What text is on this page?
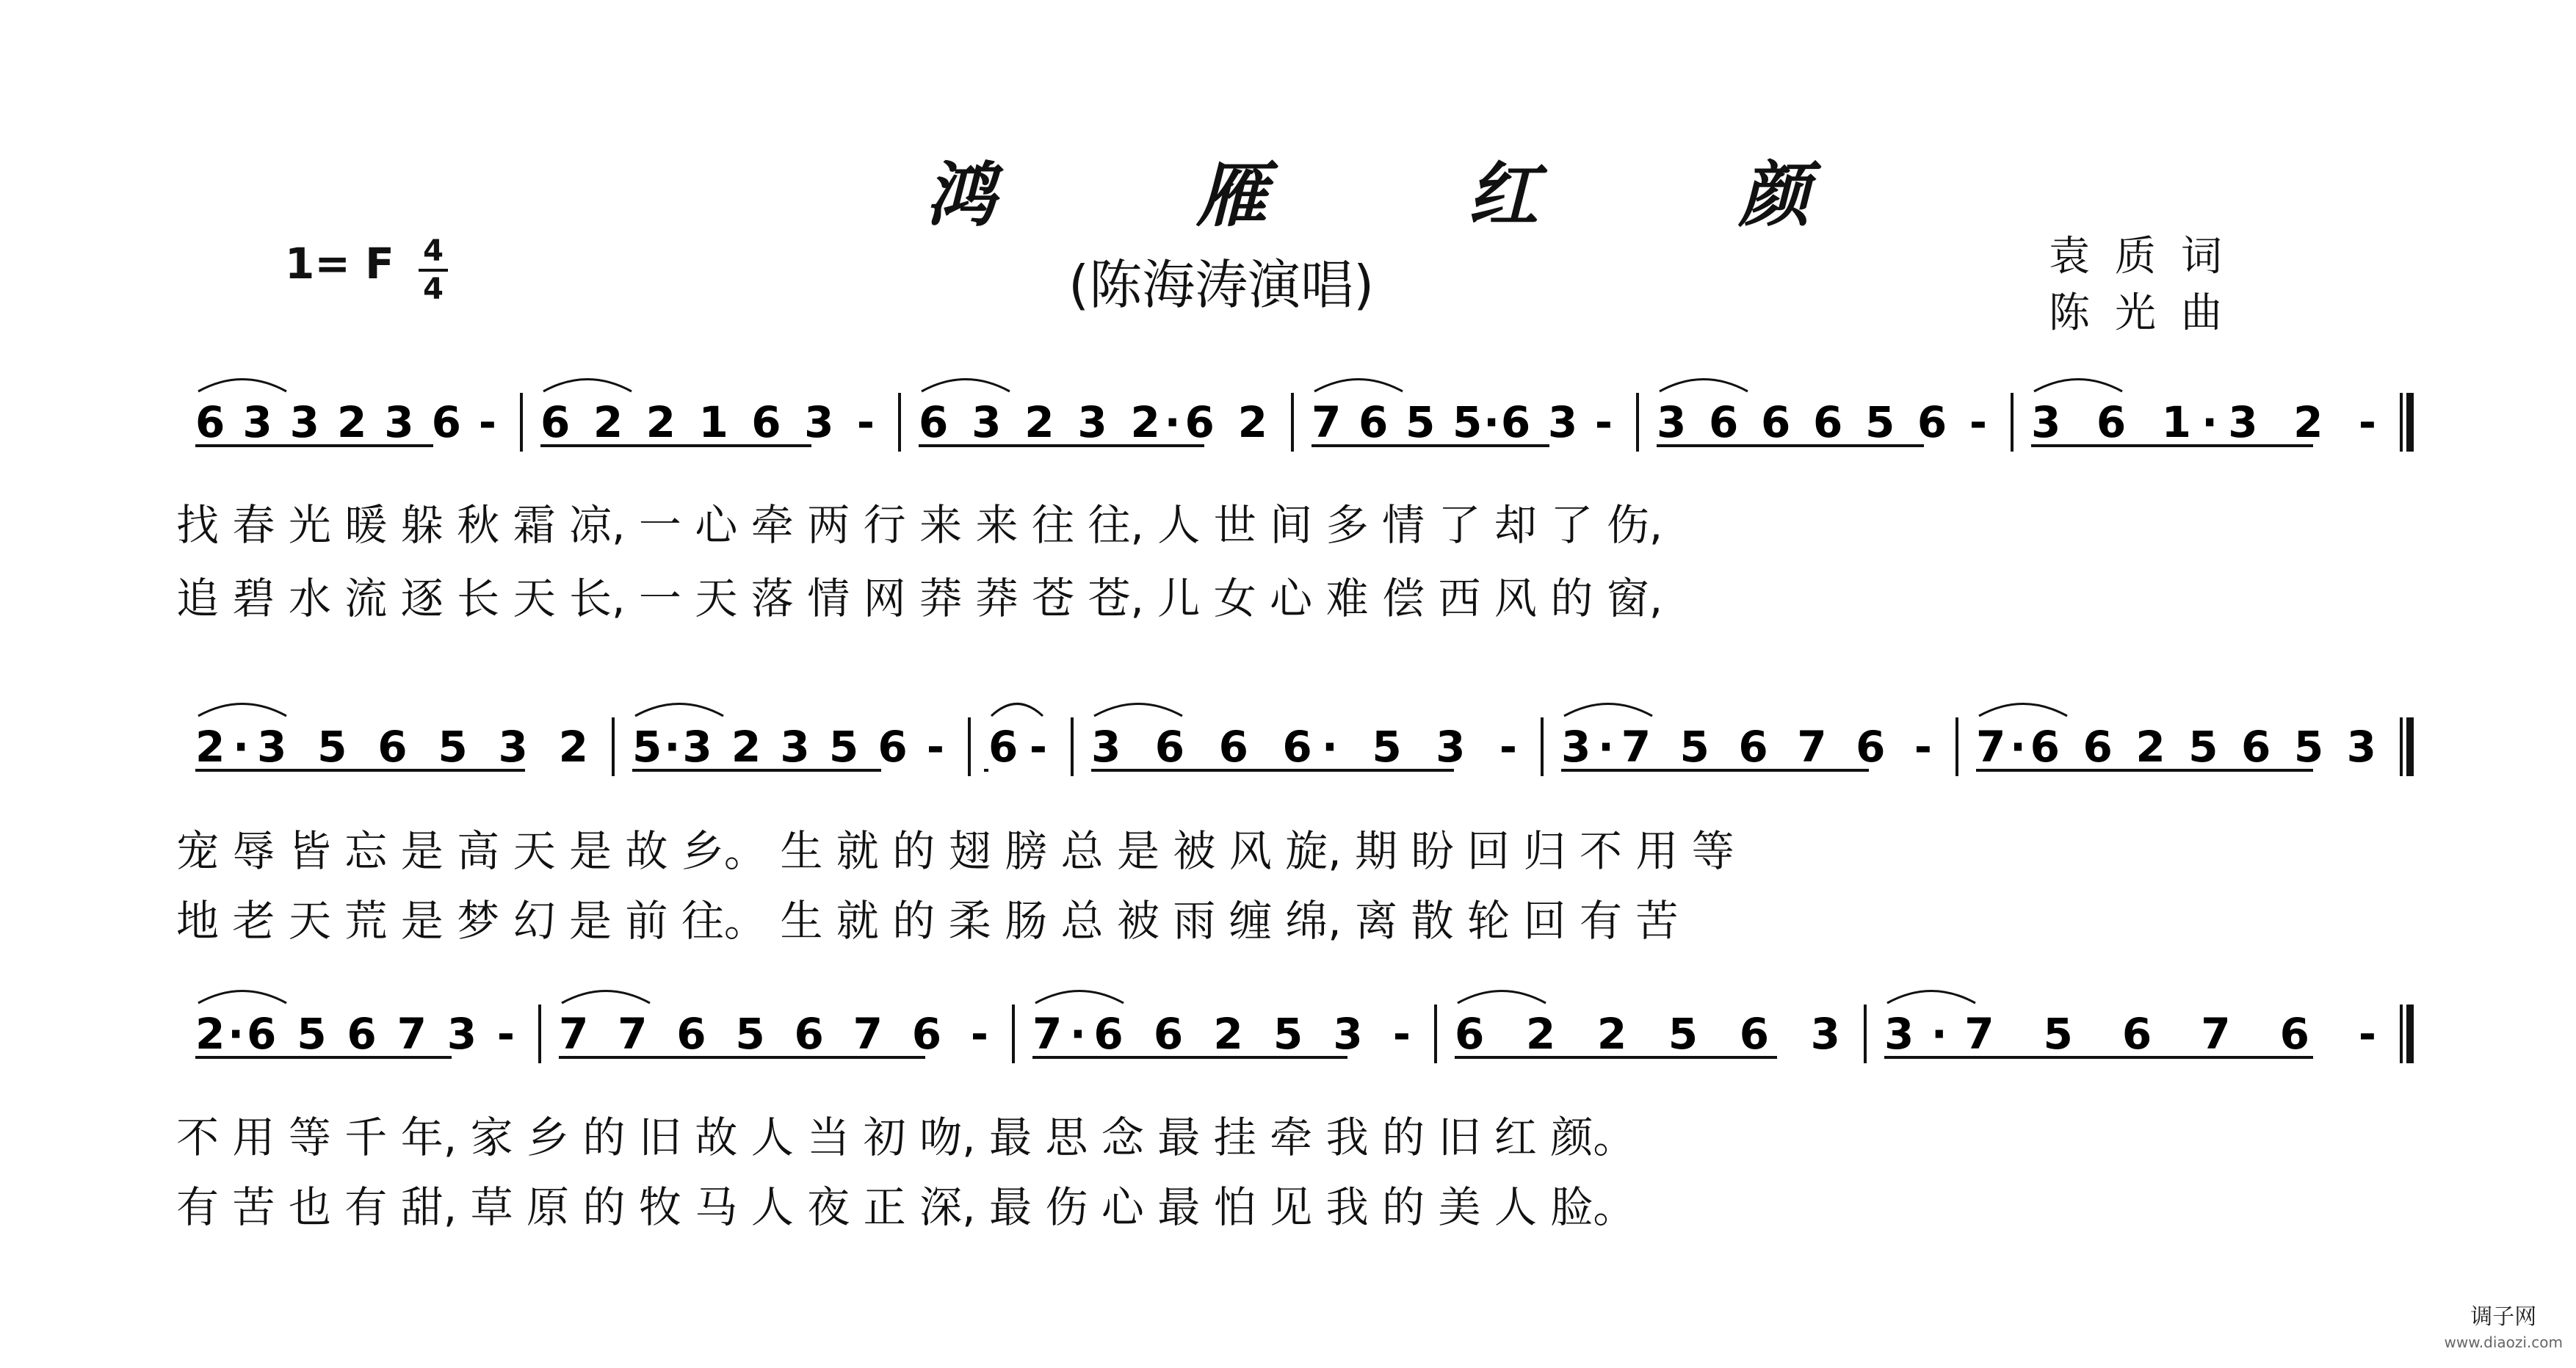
鸿 雁 红 颜
(陈海涛演唱)
1= F 4
4
袁质词
陈光曲
6 3 3 2 3 6 - 6 2 2 1 6 3 - 6 3 2 3 2·6 2 7 6 5 5·6 3 - 3 6 6 6 5 6 - 3 6 1·3 2 -
2·3 5 6 5 3 2 5·3 2 3 5 6 - 6 - 3 6 6 6· 5 3 - 3·7 5 6 7 6 - 7·6 6 2 5 6 5 3
2·6 5 6 7 3 - 7 7 6 5 6 7 6 - 7·6 6 2 5 3 - 6 2 2 5 6 3 3·7 5 6 7 6 -
找 春 光 暖 躲 秋 霜 凉, 一 心 牵 两 行 来 来 往 往, 人 世 间 多 情 了 却 了 伤,
追 碧 水 流 逐 长 天 长, 一 天 落 情 网 莽 莽 苍 苍, 儿 女 心 难 偿 西 风 的 窗,
宠 辱 皆 忘 是 高 天 是 故 乡。 生 就 的 翅 膀 总 是 被 风 旋, 期 盼 回 归 不 用 等
地 老 天 荒 是 梦 幻 是 前 往。 生 就 的 柔 肠 总 被 雨 缠 绵, 离 散 轮 回 有 苦
不 用 等 千 年, 家 乡 的 旧 故 人 当 初 吻, 最 思 念 最 挂 牵 我 的 旧 红 颜。
有 苦 也 有 甜, 草 原 的 牧 马 人 夜 正 深, 最 伤 心 最 怕 见 我 的 美 人 脸。
调子网
www.diaozi.com
